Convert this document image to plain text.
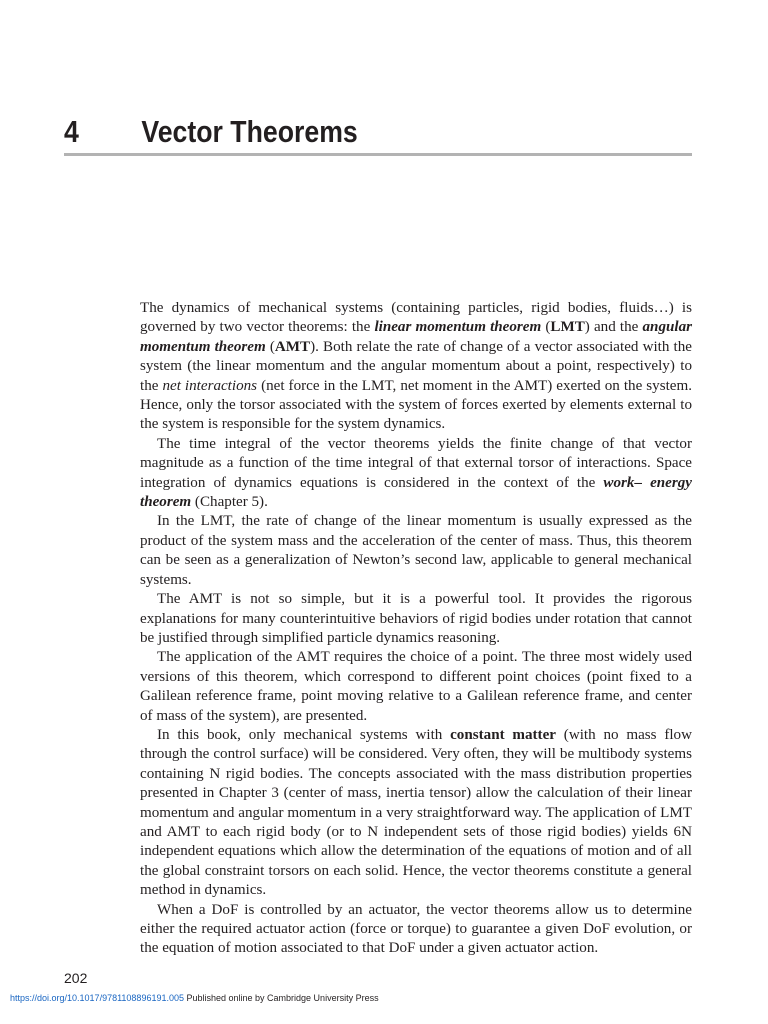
4 Vector Theorems

The dynamics of mechanical systems (containing particles, rigid bodies, fluids…) is governed by two vector theorems: the linear momentum theorem (LMT) and the angular momentum theorem (AMT). Both relate the rate of change of a vector associated with the system (the linear momentum and the angular momentum about a point, respectively) to the net interactions (net force in the LMT, net moment in the AMT) exerted on the system. Hence, only the torsor associated with the system of forces exerted by elements external to the system is responsible for the system dynamics.

The time integral of the vector theorems yields the finite change of that vector magnitude as a function of the time integral of that external torsor of interactions. Space integration of dynamics equations is considered in the context of the work– energy theorem (Chapter 5).

In the LMT, the rate of change of the linear momentum is usually expressed as the product of the system mass and the acceleration of the center of mass. Thus, this theorem can be seen as a generalization of Newton’s second law, applicable to general mechanical systems.

The AMT is not so simple, but it is a powerful tool. It provides the rigorous explanations for many counterintuitive behaviors of rigid bodies under rotation that cannot be justified through simplified particle dynamics reasoning.

The application of the AMT requires the choice of a point. The three most widely used versions of this theorem, which correspond to different point choices (point fixed to a Galilean reference frame, point moving relative to a Galilean reference frame, and center of mass of the system), are presented.

In this book, only mechanical systems with constant matter (with no mass flow through the control surface) will be considered. Very often, they will be multibody systems containing N rigid bodies. The concepts associated with the mass distribution properties presented in Chapter 3 (center of mass, inertia tensor) allow the calculation of their linear momentum and angular momentum in a very straightforward way. The application of LMT and AMT to each rigid body (or to N independent sets of those rigid bodies) yields 6N independent equations which allow the determination of the equations of motion and of all the global constraint torsors on each solid. Hence, the vector theorems constitute a general method in dynamics.

When a DoF is controlled by an actuator, the vector theorems allow us to determine either the required actuator action (force or torque) to guarantee a given DoF evolution, or the equation of motion associated to that DoF under a given actuator action.

202
https://doi.org/10.1017/9781108896191.005 Published online by Cambridge University Press
